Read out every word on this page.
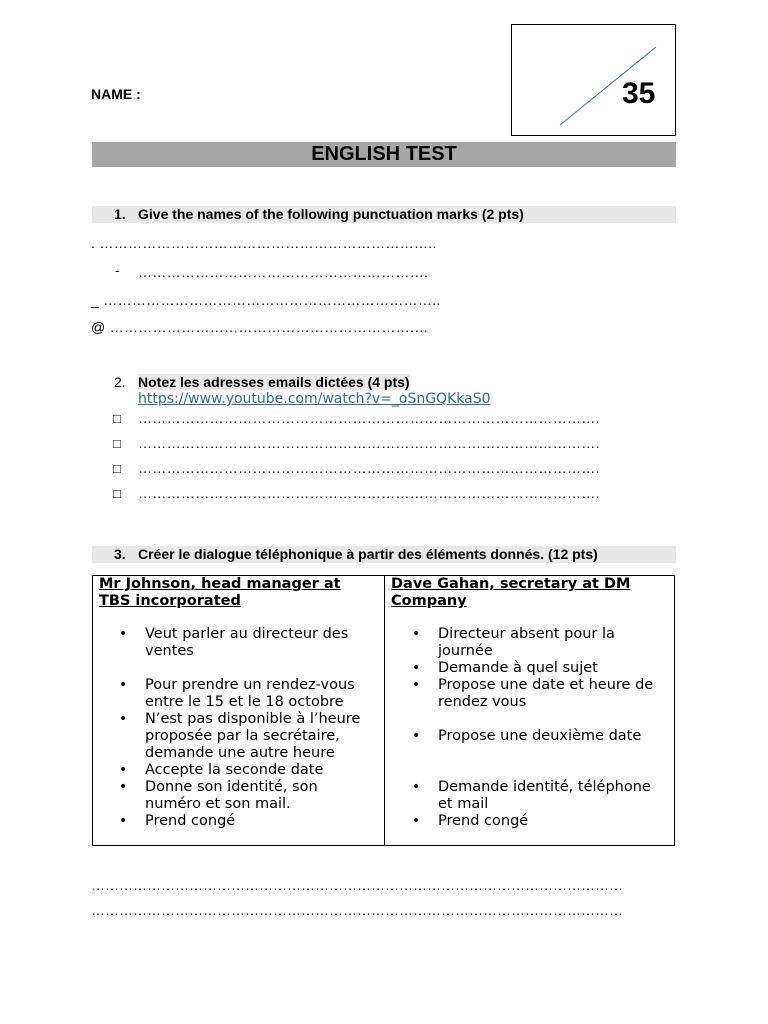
NAME :	35
ENGLISH TEST
1. Give the names of the following punctuation marks (2 pts)
. ……………………………………………………………..
- …………………………………………………….
_ ……………………………………………………………..
@ ……………………………………………………….…
2. Notez les adresses emails dictées (4 pts)
https://www.youtube.com/watch?v=_oSnGQKkaS0
□ …………………………………………………………………………………….
□ …………………………………………………………………………………….
□ …………………………………………………………………………………….
□ …………………………………………………………………………………….
3. Créer le dialogue téléphonique à partir des éléments donnés. (12 pts)
Mr Johnson, head manager at
TBS incorporated
• Veut parler au directeur des
ventes
• Pour prendre un rendez-vous
entre le 15 et le 18 octobre
• N’est pas disponible à l’heure
proposée par la secrétaire,
demande une autre heure
• Accepte la seconde date
• Donne son identité, son
numéro et son mail.
• Prend congé
Dave Gahan, secretary at DM
Company
• Directeur absent pour la
journée
• Demande à quel sujet
• Propose une date et heure de
rendez vous
• Propose une deuxième date
• Demande identité, téléphone
et mail
• Prend congé
……………………………………………………………………………………………………
……………………………………………………………………………………………………
